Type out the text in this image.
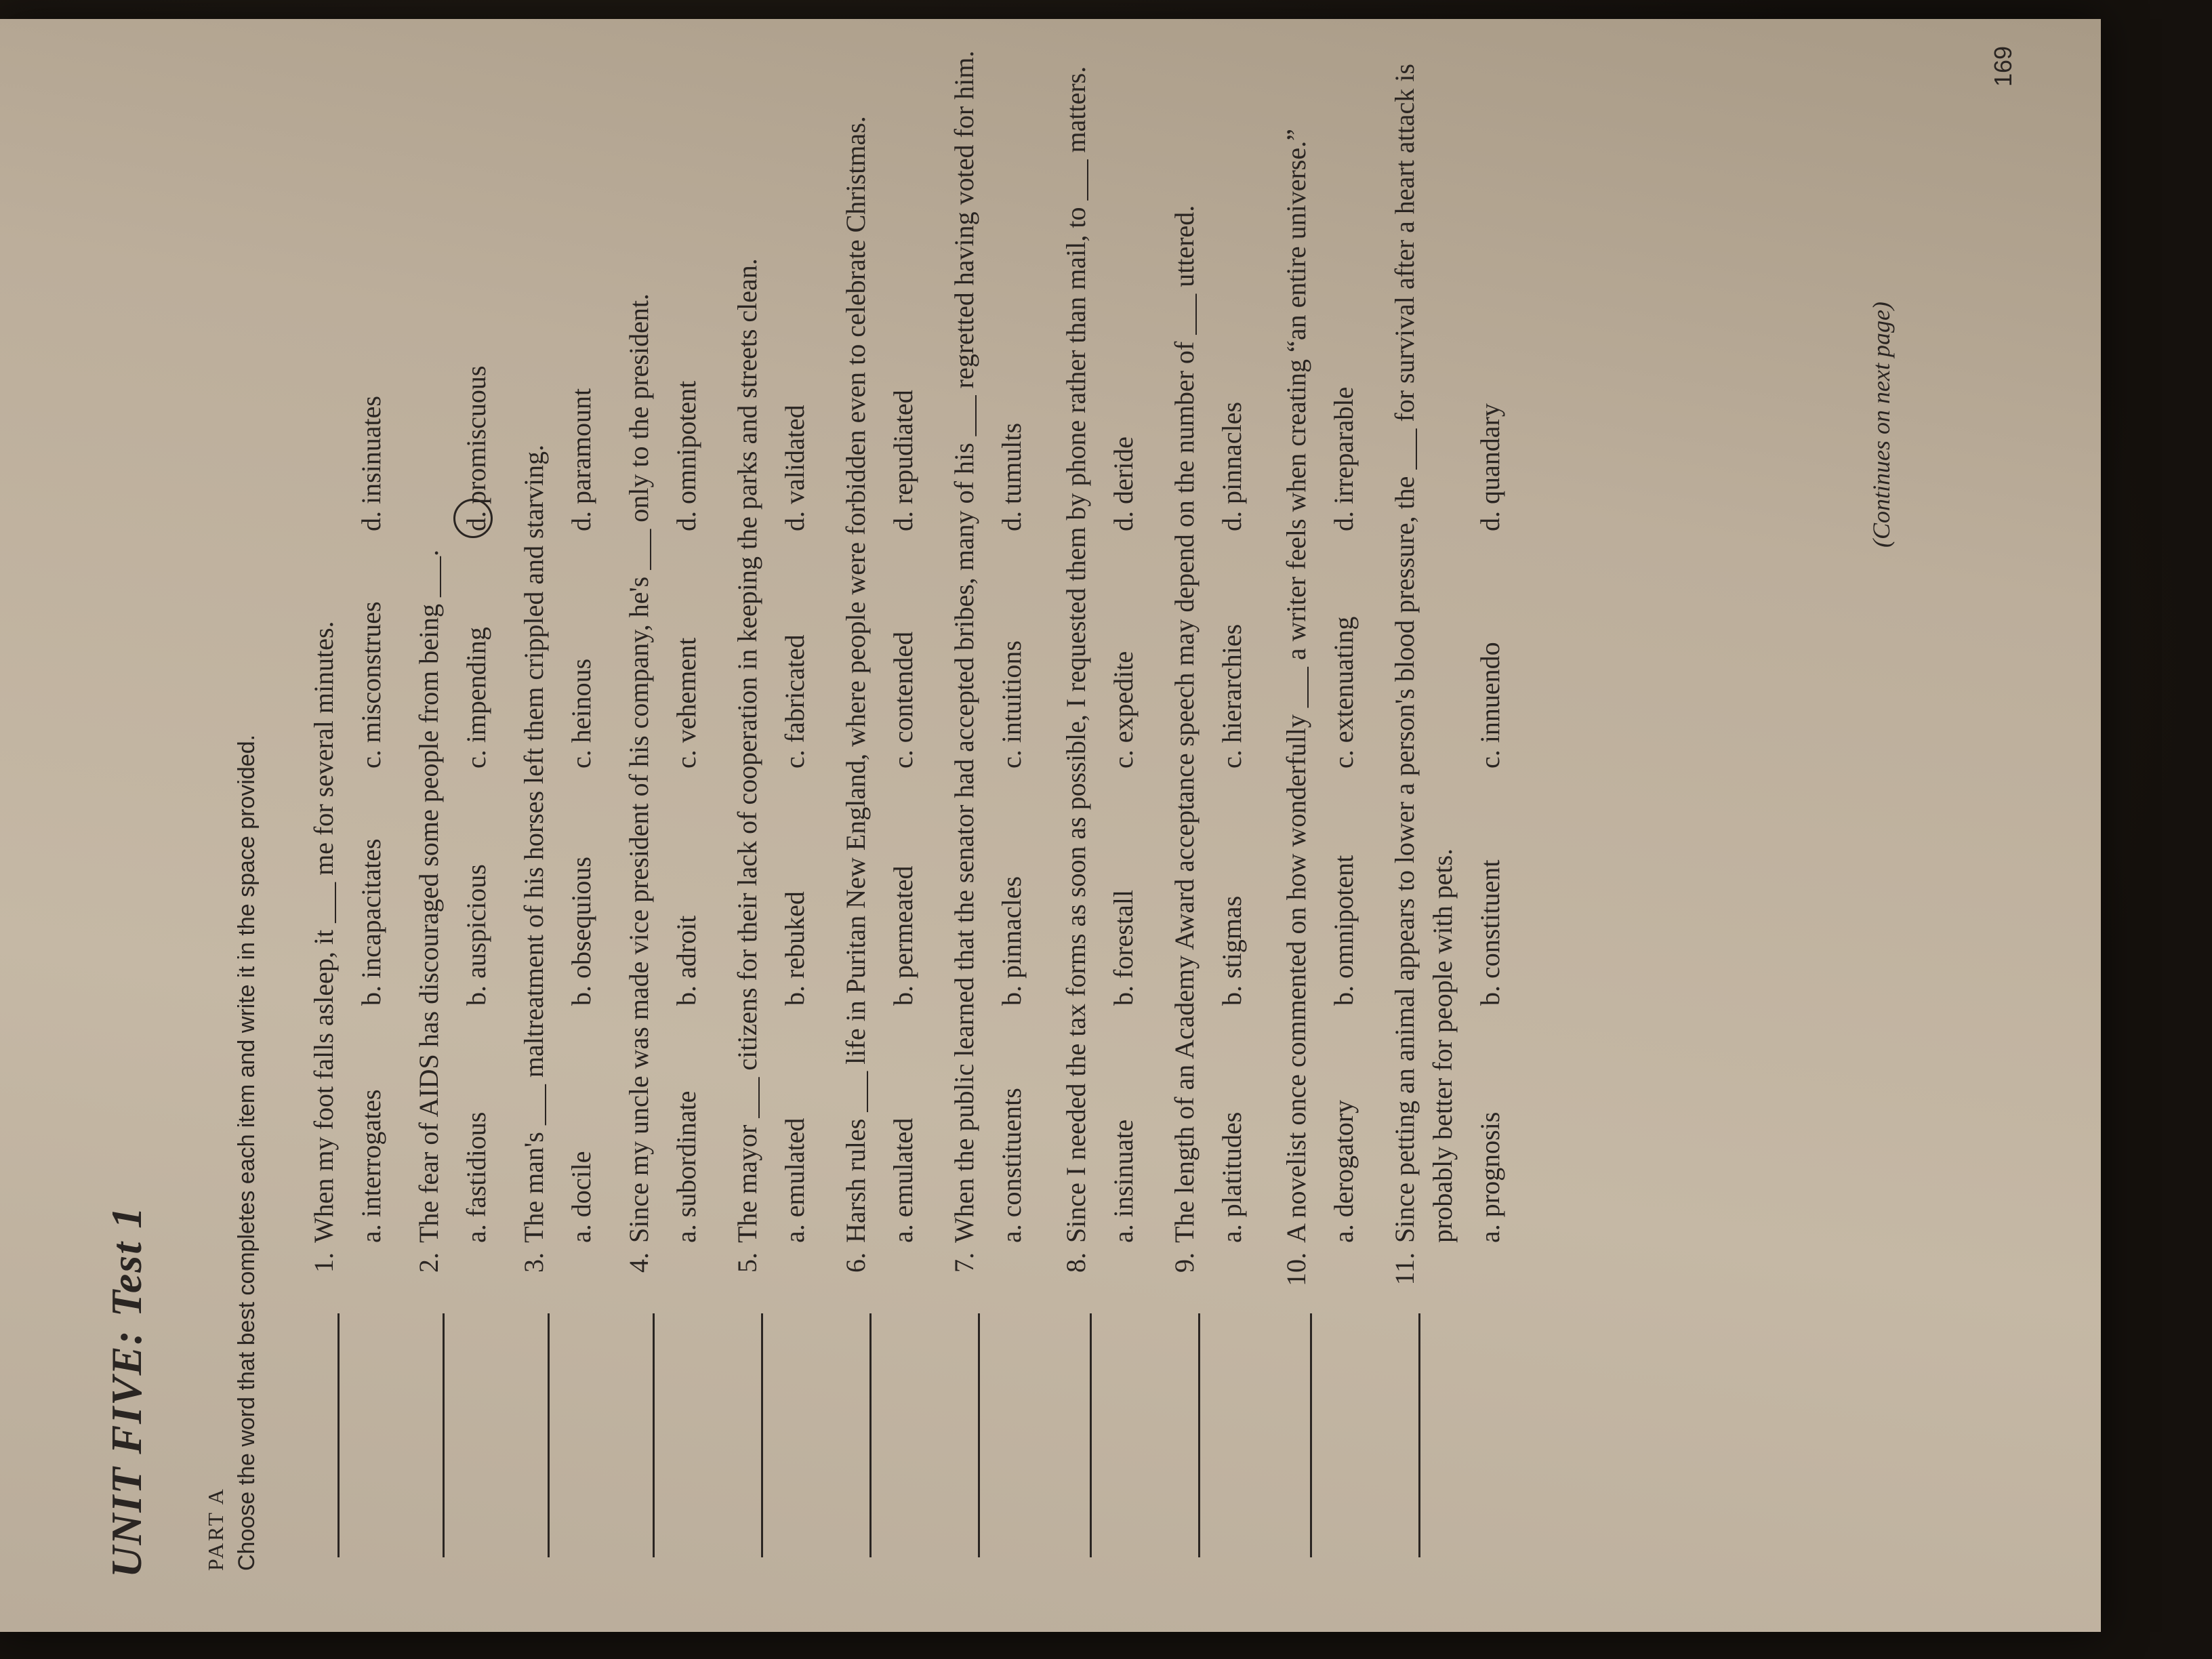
UNIT FIVE: Test 1 PART A Choose the word that best completes each item and write it in the space provided. 1.
When my foot falls asleep, it ___ me for several minutes. a. interrogates
b. incapacitates
c. misconstrues
d. insinuates
2.
The fear of AIDS has discouraged some people from being ___. a. fastidious
b. auspicious
c. impending
d. promiscuous
3.
The man's ___ maltreatment of his horses left them crippled and starving. a. docile
b. obsequious
c. heinous
d. paramount
4.
Since my uncle was made vice president of his company, he's ___ only to the president. a. subordinate
b. adroit
c. vehement
d. omnipotent
5.
The mayor ___ citizens for their lack of cooperation in keeping the parks and streets clean. a. emulated
b. rebuked
c. fabricated
d. validated
6.
Harsh rules ___ life in Puritan New England, where people were forbidden even to celebrate Christmas. a. emulated
b. permeated
c. contended
d. repudiated
7.
When the public learned that the senator had accepted bribes, many of his ___ regretted having voted for him. a. constituents
b. pinnacles
c. intuitions
d. tumults
8.
Since I needed the tax forms as soon as possible, I requested them by phone rather than mail, to ___ matters. a. insinuate
b. forestall
c. expedite
d. deride
9.
The length of an Academy Award acceptance speech may depend on the number of ___ uttered. a. platitudes
b. stigmas
c. hierarchies
d. pinnacles
10.
A novelist once commented on how wonderfully ___ a writer feels when creating “an entire universe.” a. derogatory
b. omnipotent
c. extenuating
d. irreparable
11.
Since petting an animal appears to lower a person's blood pressure, the ___ for survival after a heart attack is probably better for people with pets. a. prognosis
b. constituent
c. innuendo
d. quandary	(Continues on next page)
169
